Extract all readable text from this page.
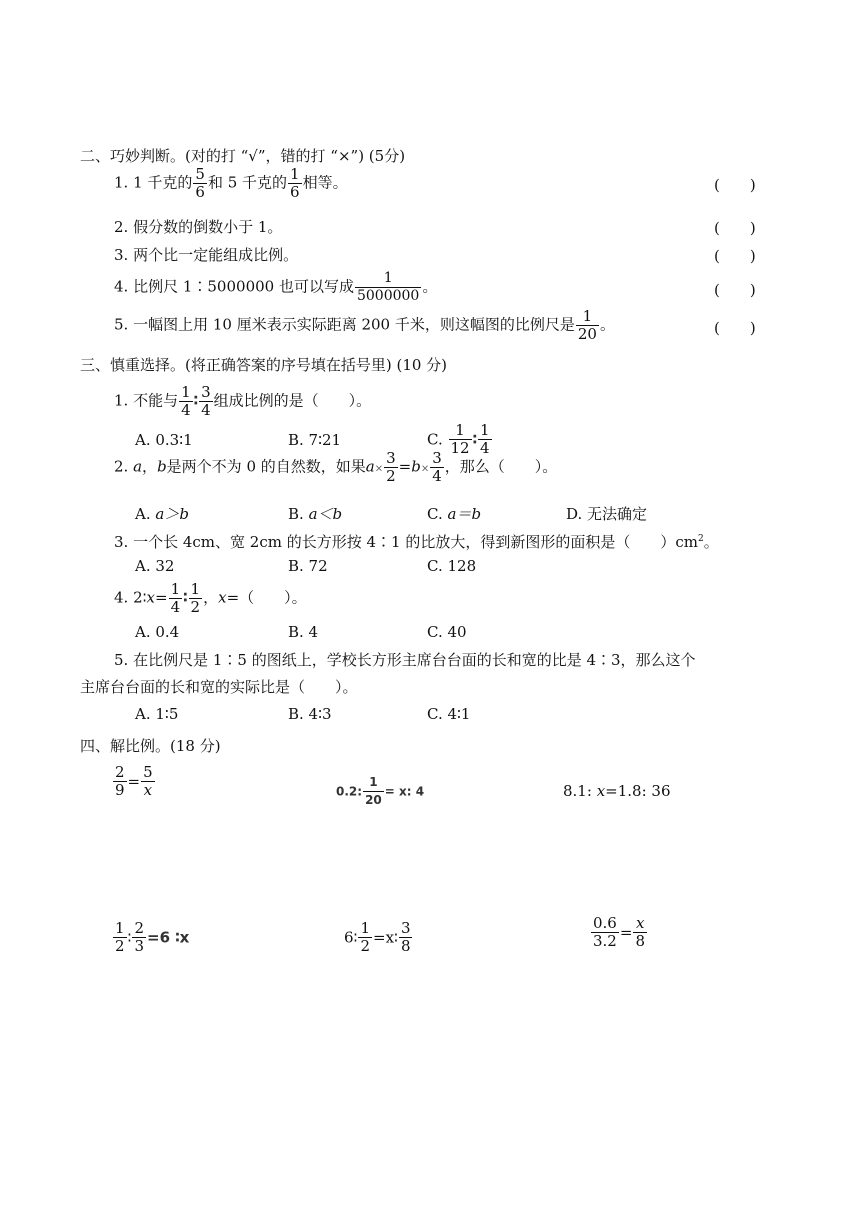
二、巧妙判断。(对的打 “√”，错的打 “×”) (5分)
1. 1 千克的 $\frac{5}{6}$ 和 5 千克的 $\frac{1}{6}$ 相等。	(　　)
2. 假分数的倒数小于 1。	(　　)
3. 两个比一定能组成比例。	(　　)
4. 比例尺 1∶5000000 也可以写成 $\frac{1}{5000000}$ 。	(　　)
5. 一幅图上用 10 厘米表示实际距离 200 千米，则这幅图的比例尺是 $\frac{1}{20}$ 。	(　　)
三、慎重选择。(将正确答案的序号填在括号里) (10 分)
1. 不能与 $\frac{1}{4}$ ∶ $\frac{3}{4}$ 组成比例的是（　　）。
A. 0.3∶1	B. 7∶21	C. $\frac{1}{12}$ ∶ $\frac{1}{4}$
2. a，b是两个不为 0 的自然数，如果$a\times \frac{3}{2} =b\times \frac{3}{4}$ ，那么（　　）。
A. a＞b	B. a＜b	C. a＝b	D. 无法确定
3. 一个长 4cm、宽 2cm 的长方形按 4∶1 的比放大，得到新图形的面积是（　　）$cm^2$。
A. 32	B. 72	C. 128
4. 2∶x= $\frac{1}{4}$ ∶ $\frac{1}{2}$ ，x=（　　）。
A. 0.4	B. 4	C. 40
5. 在比例尺是 1∶5 的图纸上，学校长方形主席台台面的长和宽的比是 4∶3，那么这个
主席台台面的长和宽的实际比是（　　）。
A. 1∶5	B. 4∶3	C. 4∶1
四、解比例。(18 分)
$\frac{2}{9} = \frac{5}{x}$	0.2: $\frac{1}{20} = x$: 4	8.1: x=1.8: 36
$\frac{1}{2}$ ∶ $\frac{2}{3} =6$ ∶x	6∶ $\frac{1}{2}$ =x∶ $\frac{3}{8}$	$\frac{0.6}{3.2} = \frac{x}{8}$
